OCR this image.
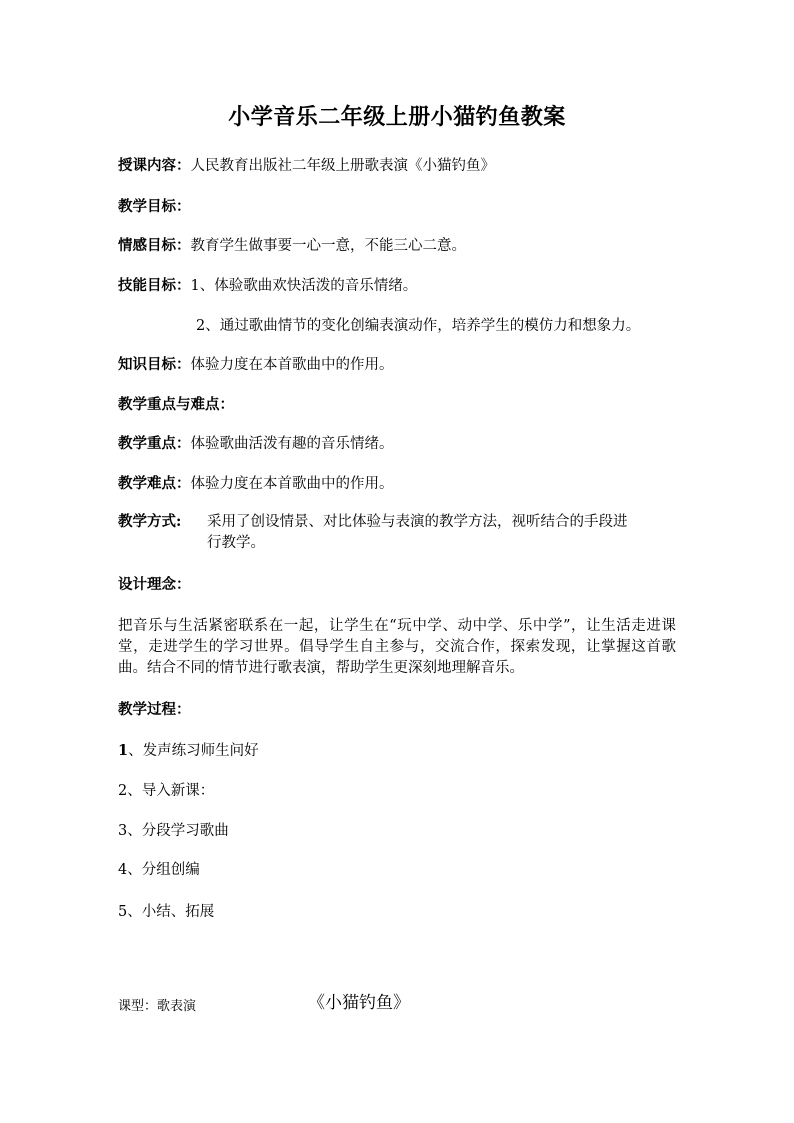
小学音乐二年级上册小猫钓鱼教案
授课内容：人民教育出版社二年级上册歌表演《小猫钓鱼》
教学目标：
情感目标：教育学生做事要一心一意，不能三心二意。
技能目标：1、体验歌曲欢快活泼的音乐情绪。
2、通过歌曲情节的变化创编表演动作，培养学生的模仿力和想象力。
知识目标：体验力度在本首歌曲中的作用。
教学重点与难点：
教学重点：体验歌曲活泼有趣的音乐情绪。
教学难点：体验力度在本首歌曲中的作用。
教学方式: 采用了创设情景、对比体验与表演的教学方法，视听结合的手段进
行教学。
设计理念：
把音乐与生活紧密联系在一起，让学生在“玩中学、动中学、乐中学”，让生活走进课堂，走进学生的学习世界。倡导学生自主参与，交流合作，探索发现，让掌握这首歌曲。结合不同的情节进行歌表演，帮助学生更深刻地理解音乐。
教学过程：
1、发声练习师生问好
2、导入新课：
3、分段学习歌曲
4、分组创编
5、小结、拓展
课型：歌表演	《小猫钓鱼》
